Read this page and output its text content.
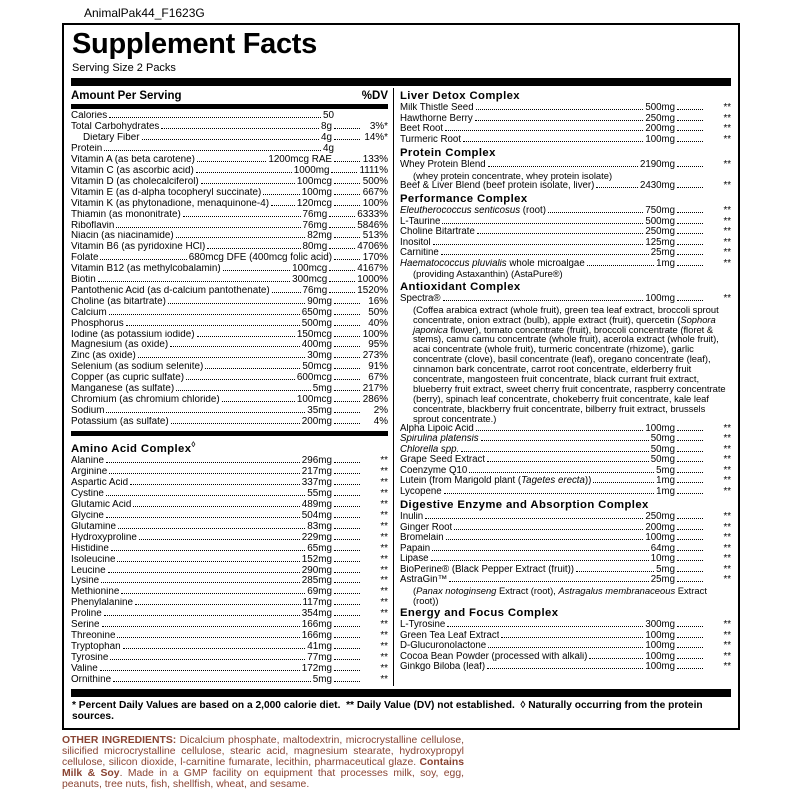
AnimalPak44_F1623G
Supplement Facts
Serving Size 2 Packs
Amount Per Serving	%DV
Calories	50
Total Carbohydrates	8g	3%*
Dietary Fiber	4g	14%*
Protein	4g
Vitamin A (as beta carotene)	1200mcg RAE	133%
Vitamin C (as ascorbic acid)	1000mg	1111%
Vitamin D (as cholecalciferol)	100mcg	500%
Vitamin E (as d-alpha tocopheryl succinate)	100mg	667%
Vitamin K (as phytonadione, menaquinone-4)	120mcg	100%
Thiamin (as mononitrate)	76mg	6333%
Riboflavin	76mg	5846%
Niacin (as niacinamide)	82mg	513%
Vitamin B6 (as pyridoxine HCl)	80mg	4706%
Folate	680mcg DFE (400mcg folic acid)	170%
Vitamin B12 (as methylcobalamin)	100mcg	4167%
Biotin	300mcg	1000%
Pantothenic Acid (as d-calcium pantothenate)	76mg	1520%
Choline (as bitartrate)	90mg	16%
Calcium	650mg	50%
Phosphorus	500mg	40%
Iodine (as potassium iodide)	150mcg	100%
Magnesium (as oxide)	400mg	95%
Zinc (as oxide)	30mg	273%
Selenium (as sodium selenite)	50mcg	91%
Copper (as cupric sulfate)	600mcg	67%
Manganese (as sulfate)	5mg	217%
Chromium (as chromium chloride)	100mcg	286%
Sodium	35mg	2%
Potassium (as sulfate)	200mg	4%
Amino Acid Complex◊
Alanine	296mg	**
Arginine	217mg	**
Aspartic Acid	337mg	**
Cystine	55mg	**
Glutamic Acid	489mg	**
Glycine	504mg	**
Glutamine	83mg	**
Hydroxyproline	229mg	**
Histidine	65mg	**
Isoleucine	152mg	**
Leucine	290mg	**
Lysine	285mg	**
Methionine	69mg	**
Phenylalanine	117mg	**
Proline	354mg	**
Serine	166mg	**
Threonine	166mg	**
Tryptophan	41mg	**
Tyrosine	77mg	**
Valine	172mg	**
Ornithine	5mg	**
Liver Detox Complex
Milk Thistle Seed	500mg	**
Hawthorne Berry	250mg	**
Beet Root	200mg	**
Turmeric Root	100mg	**
Protein Complex
Whey Protein Blend	2190mg	**
(whey protein concentrate, whey protein isolate)
Beef & Liver Blend (beef protein isolate, liver)	2430mg	**
Performance Complex
Eleutherococcus senticosus (root)	750mg	**
L-Taurine	500mg	**
Choline Bitartrate	250mg	**
Inositol	125mg	**
Carnitine	25mg	**
Haematococcus pluvialis whole microalgae	1mg	**
(providing Astaxanthin) (AstaPure®)
Antioxidant Complex
Spectra®	100mg	**
(Coffea arabica extract (whole fruit), green tea leaf extract, broccoli sprout concentrate, onion extract (bulb), apple extract (fruit), quercetin (Sophora japonica flower), tomato concentrate (fruit), broccoli concentrate (floret & stems), camu camu concentrate (whole fruit), acerola extract (whole fruit), acai concentrate (whole fruit), turmeric concentrate (rhizome), garlic concentrate (clove), basil concentrate (leaf), oregano concentrate (leaf), cinnamon bark concentrate, carrot root concentrate, elderberry fruit concentrate, mangosteen fruit concentrate, black currant fruit extract, blueberry fruit extract, sweet cherry fruit concentrate, raspberry concentrate (berry), spinach leaf concentrate, chokeberry fruit concentrate, kale leaf concentrate, blackberry fruit concentrate, bilberry fruit extract, brussels sprout concentrate.)
Alpha Lipoic Acid	100mg	**
Spirulina platensis	50mg	**
Chlorella spp.	50mg	**
Grape Seed Extract	50mg	**
Coenzyme Q10	5mg	**
Lutein (from Marigold plant (Tagetes erecta))	1mg	**
Lycopene	1mg	**
Digestive Enzyme and Absorption Complex
Inulin	250mg	**
Ginger Root	200mg	**
Bromelain	100mg	**
Papain	64mg	**
Lipase	10mg	**
BioPerine® (Black Pepper Extract (fruit))	5mg	**
AstraGin™	25mg	**
(Panax notoginseng Extract (root), Astragalus membranaceous Extract (root))
Energy and Focus Complex
L-Tyrosine	300mg	**
Green Tea Leaf Extract	100mg	**
D-Glucuronolactone	100mg	**
Cocoa Bean Powder (processed with alkali)	100mg	**
Ginkgo Biloba (leaf)	100mg	**
* Percent Daily Values are based on a 2,000 calorie diet.  ** Daily Value (DV) not established.  ◊ Naturally occurring from the protein sources.
OTHER INGREDIENTS: Dicalcium phosphate, maltodextrin, microcrystalline cellulose, silicified microcrystalline cellulose, stearic acid, magnesium stearate, hydroxypropyl cellulose, silicon dioxide, l-carnitine fumarate, lecithin, pharmaceutical glaze. Contains Milk & Soy. Made in a GMP facility on equipment that processes milk, soy, egg, peanuts, tree nuts, fish, shellfish, wheat, and sesame.
